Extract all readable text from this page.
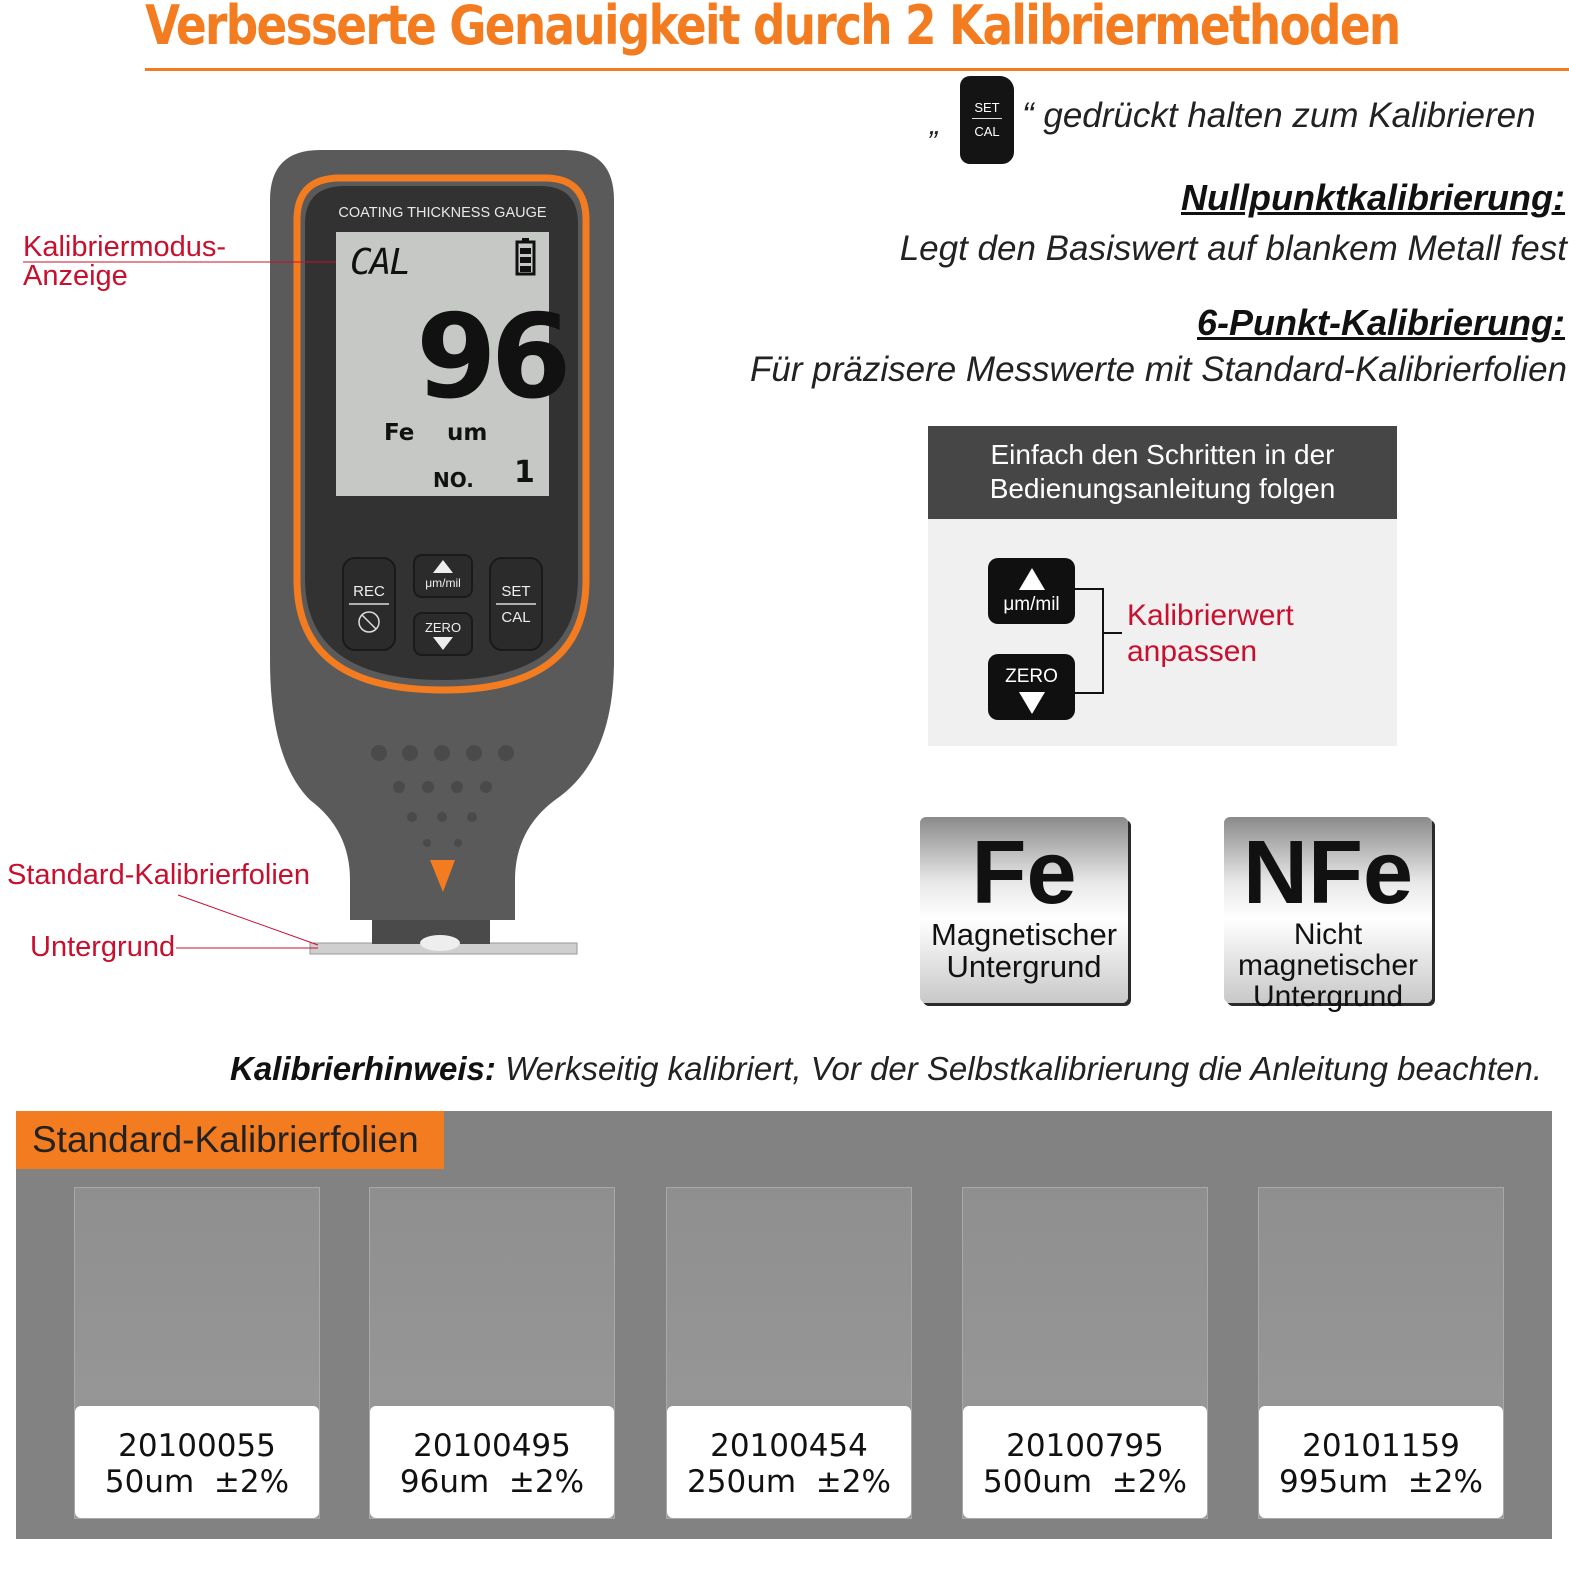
Verbesserte Genauigkeit durch 2 Kalibriermethoden
„
SET
CAL “ gedrückt halten zum Kalibrieren
Nullpunktkalibrierung:
Legt den Basiswert auf blankem Metall fest
6-Punkt-Kalibrierung:
Für präzisere Messwerte mit Standard-Kalibrierfolien
Einfach den Schritten in der
Bedienungsanleitung folgen
μm/mil
ZERO
Kalibrierwert
anpassen
Fe
Magnetischer
Untergrund
NFe
Nicht
magnetischer
Untergrund
Kalibrierhinweis: Werkseitig kalibriert, Vor der Selbstkalibrierung die Anleitung beachten.
COATING THICKNESS GAUGE
CAL
96
Fe um
NO. 1
REC	μm/mil
ZERO
SET
CAL
Kalibriermodus-
Anzeige
Standard-Kalibrierfolien
Untergrund
Standard-Kalibrierfolien
20100055
50um ±2%
20100495
96um ±2%
20100454
250um ±2%
20100795
500um ±2%
20101159
995um ±2%
